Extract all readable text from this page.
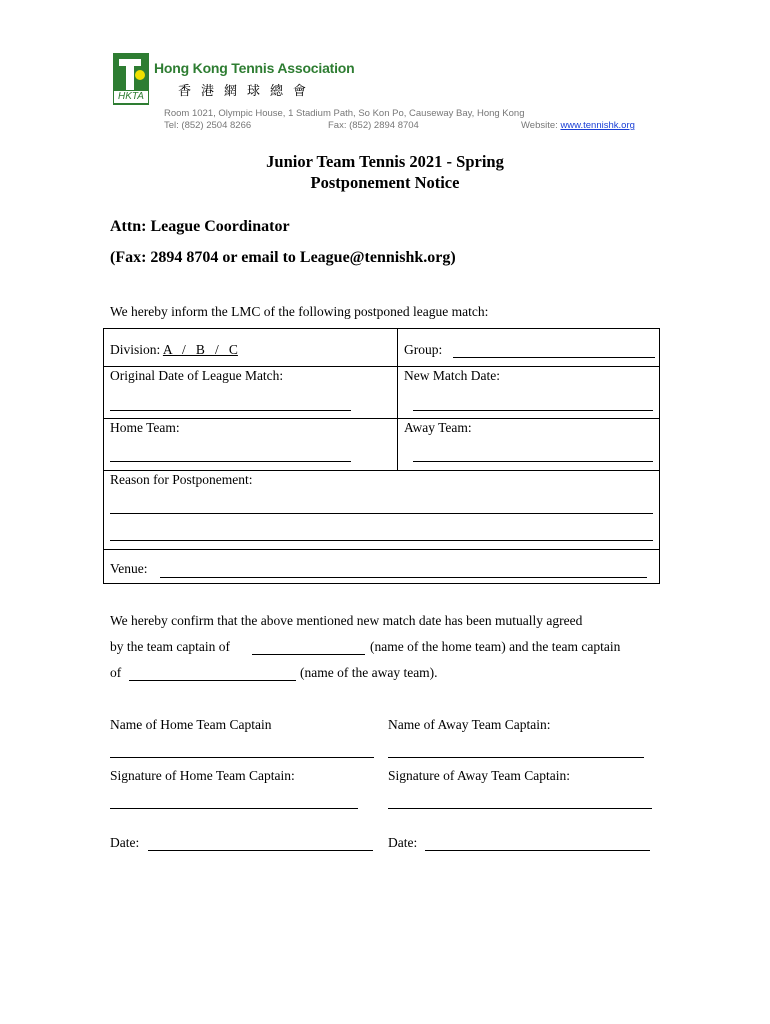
HKTA
Hong Kong Tennis Association
香港網球總會
Room 1021, Olympic House, 1 Stadium Path, So Kon Po, Causeway Bay, Hong Kong
Tel: (852) 2504 8266	Fax: (852) 2894 8704	Website: www.tennishk.org
Junior Team Tennis 2021 - Spring
Postponement Notice
Attn: League Coordinator
(Fax: 2894 8704 or email to League@tennishk.org)
We hereby inform the LMC of the following postponed league match:
Division: A   /   B   /   C	Group:
Original Date of League Match:	New Match Date:
Home Team:	Away Team:
Reason for Postponement:
Venue:
We hereby confirm that the above mentioned new match date has been mutually agreed
by the team captain of	(name of the home team) and the team captain
of	(name of the away team).
Name of Home Team Captain	Name of Away Team Captain:
Signature of Home Team Captain:	Signature of Away Team Captain:
Date:	Date:
